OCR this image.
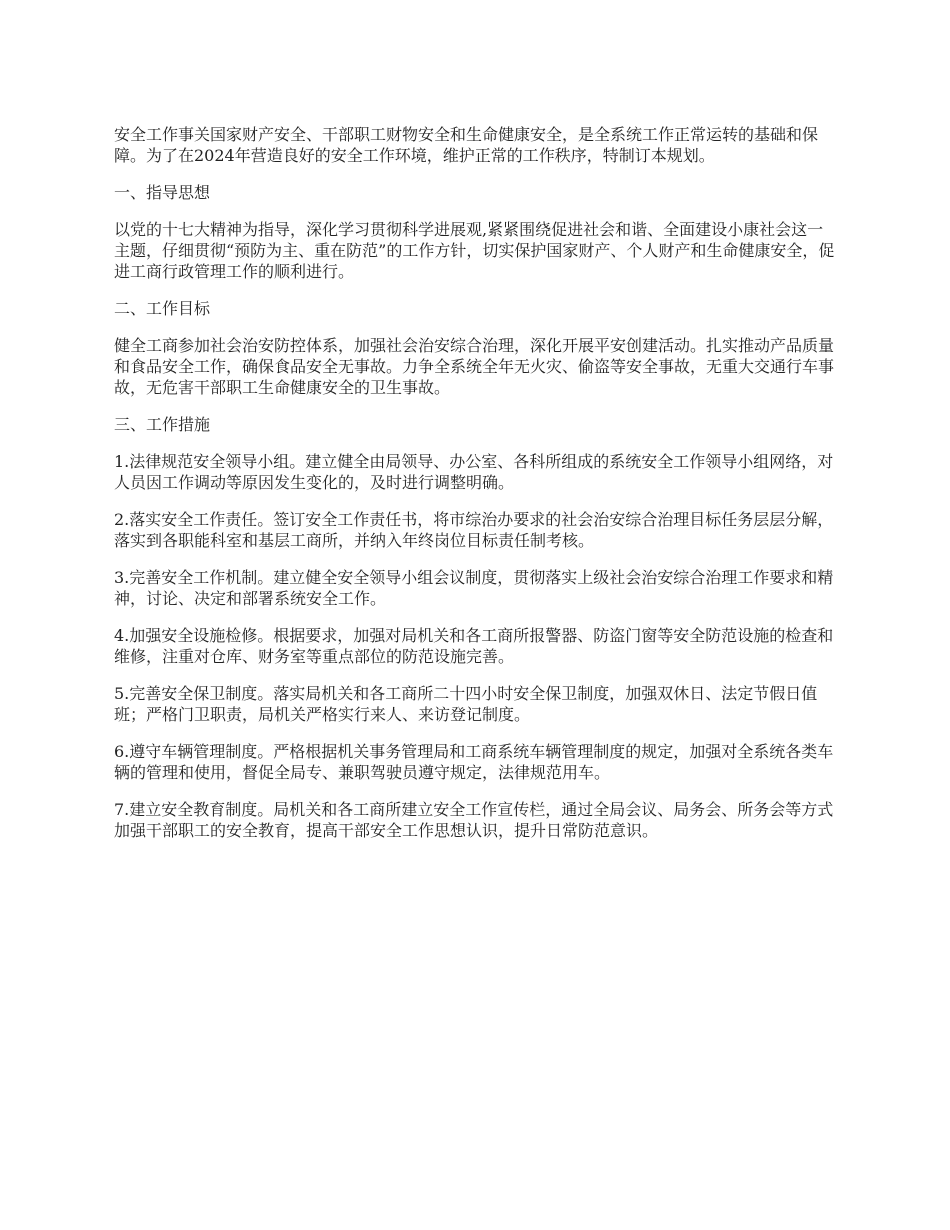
安全工作事关国家财产安全、干部职工财物安全和生命健康安全，是全系统工作正常运转的基础和保障。为了在2024年营造良好的安全工作环境，维护正常的工作秩序，特制订本规划。

一、指导思想

以党的十七大精神为指导，深化学习贯彻科学进展观,紧紧围绕促进社会和谐、全面建设小康社会这一主题，仔细贯彻“预防为主、重在防范”的工作方针，切实保护国家财产、个人财产和生命健康安全，促进工商行政管理工作的顺利进行。

二、工作目标

健全工商参加社会治安防控体系，加强社会治安综合治理，深化开展平安创建活动。扎实推动产品质量和食品安全工作，确保食品安全无事故。力争全系统全年无火灾、偷盗等安全事故，无重大交通行车事故，无危害干部职工生命健康安全的卫生事故。

三、工作措施

1.法律规范安全领导小组。建立健全由局领导、办公室、各科所组成的系统安全工作领导小组网络，对人员因工作调动等原因发生变化的，及时进行调整明确。

2.落实安全工作责任。签订安全工作责任书，将市综治办要求的社会治安综合治理目标任务层层分解，落实到各职能科室和基层工商所，并纳入年终岗位目标责任制考核。

3.完善安全工作机制。建立健全安全领导小组会议制度，贯彻落实上级社会治安综合治理工作要求和精神，讨论、决定和部署系统安全工作。

4.加强安全设施检修。根据要求，加强对局机关和各工商所报警器、防盗门窗等安全防范设施的检查和维修，注重对仓库、财务室等重点部位的防范设施完善。

5.完善安全保卫制度。落实局机关和各工商所二十四小时安全保卫制度，加强双休日、法定节假日值班；严格门卫职责，局机关严格实行来人、来访登记制度。

6.遵守车辆管理制度。严格根据机关事务管理局和工商系统车辆管理制度的规定，加强对全系统各类车辆的管理和使用，督促全局专、兼职驾驶员遵守规定，法律规范用车。

7.建立安全教育制度。局机关和各工商所建立安全工作宣传栏，通过全局会议、局务会、所务会等方式加强干部职工的安全教育，提高干部安全工作思想认识，提升日常防范意识。
